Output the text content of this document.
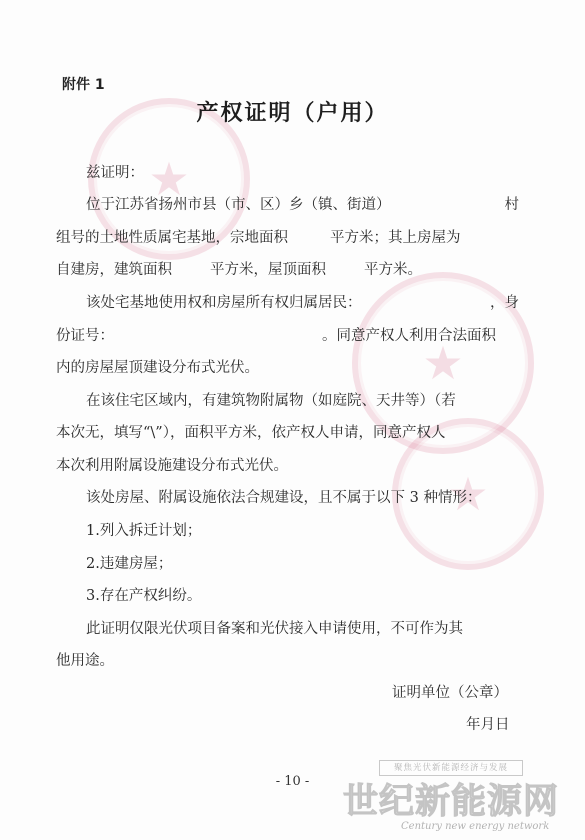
★
★
★
附件 1
产权证明（户用）
兹证明：
位于江苏省扬州市县（市、区）乡（镇、街道）	村
组号的土地性质属宅基地，宗地面积	平方米；其上房屋为
自建房，建筑面积	平方米，屋顶面积	平方米。
该处宅基地使用权和房屋所有权归属居民：	，身
份证号：	。同意产权人利用合法面积
内的房屋屋顶建设分布式光伏。
在该住宅区域内，有建筑物附属物（如庭院、天井等）（若
本次无，填写“\”），面积平方米，依产权人申请，同意产权人
本次利用附属设施建设分布式光伏。
该处房屋、附属设施依法合规建设，且不属于以下 3 种情形：
1.列入拆迁计划；
2.违建房屋；
3.存在产权纠纷。
此证明仅限光伏项目备案和光伏接入申请使用，不可作为其
他用途。
证明单位（公章）
年月日
- 10 -
聚焦光伏新能源经济与发展
世纪新能源网
Century new energy network
